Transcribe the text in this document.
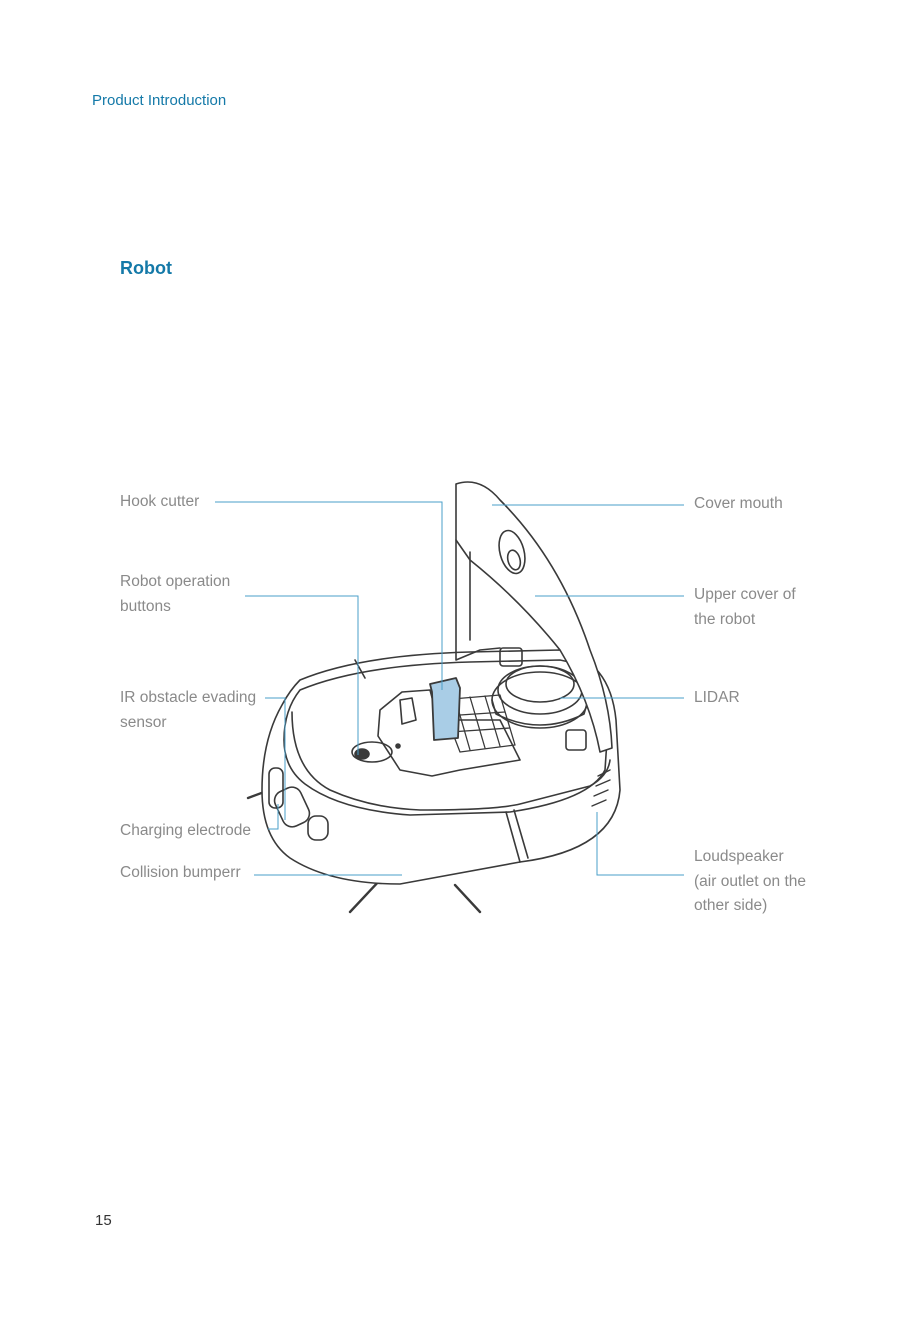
Product Introduction
Robot
Hook cutter
Robot operation
buttons
IR obstacle evading
sensor
Charging electrode
Collision bumperr
Cover mouth
Upper cover of
the robot
LIDAR
Loudspeaker
(air outlet on the
other side)
15
